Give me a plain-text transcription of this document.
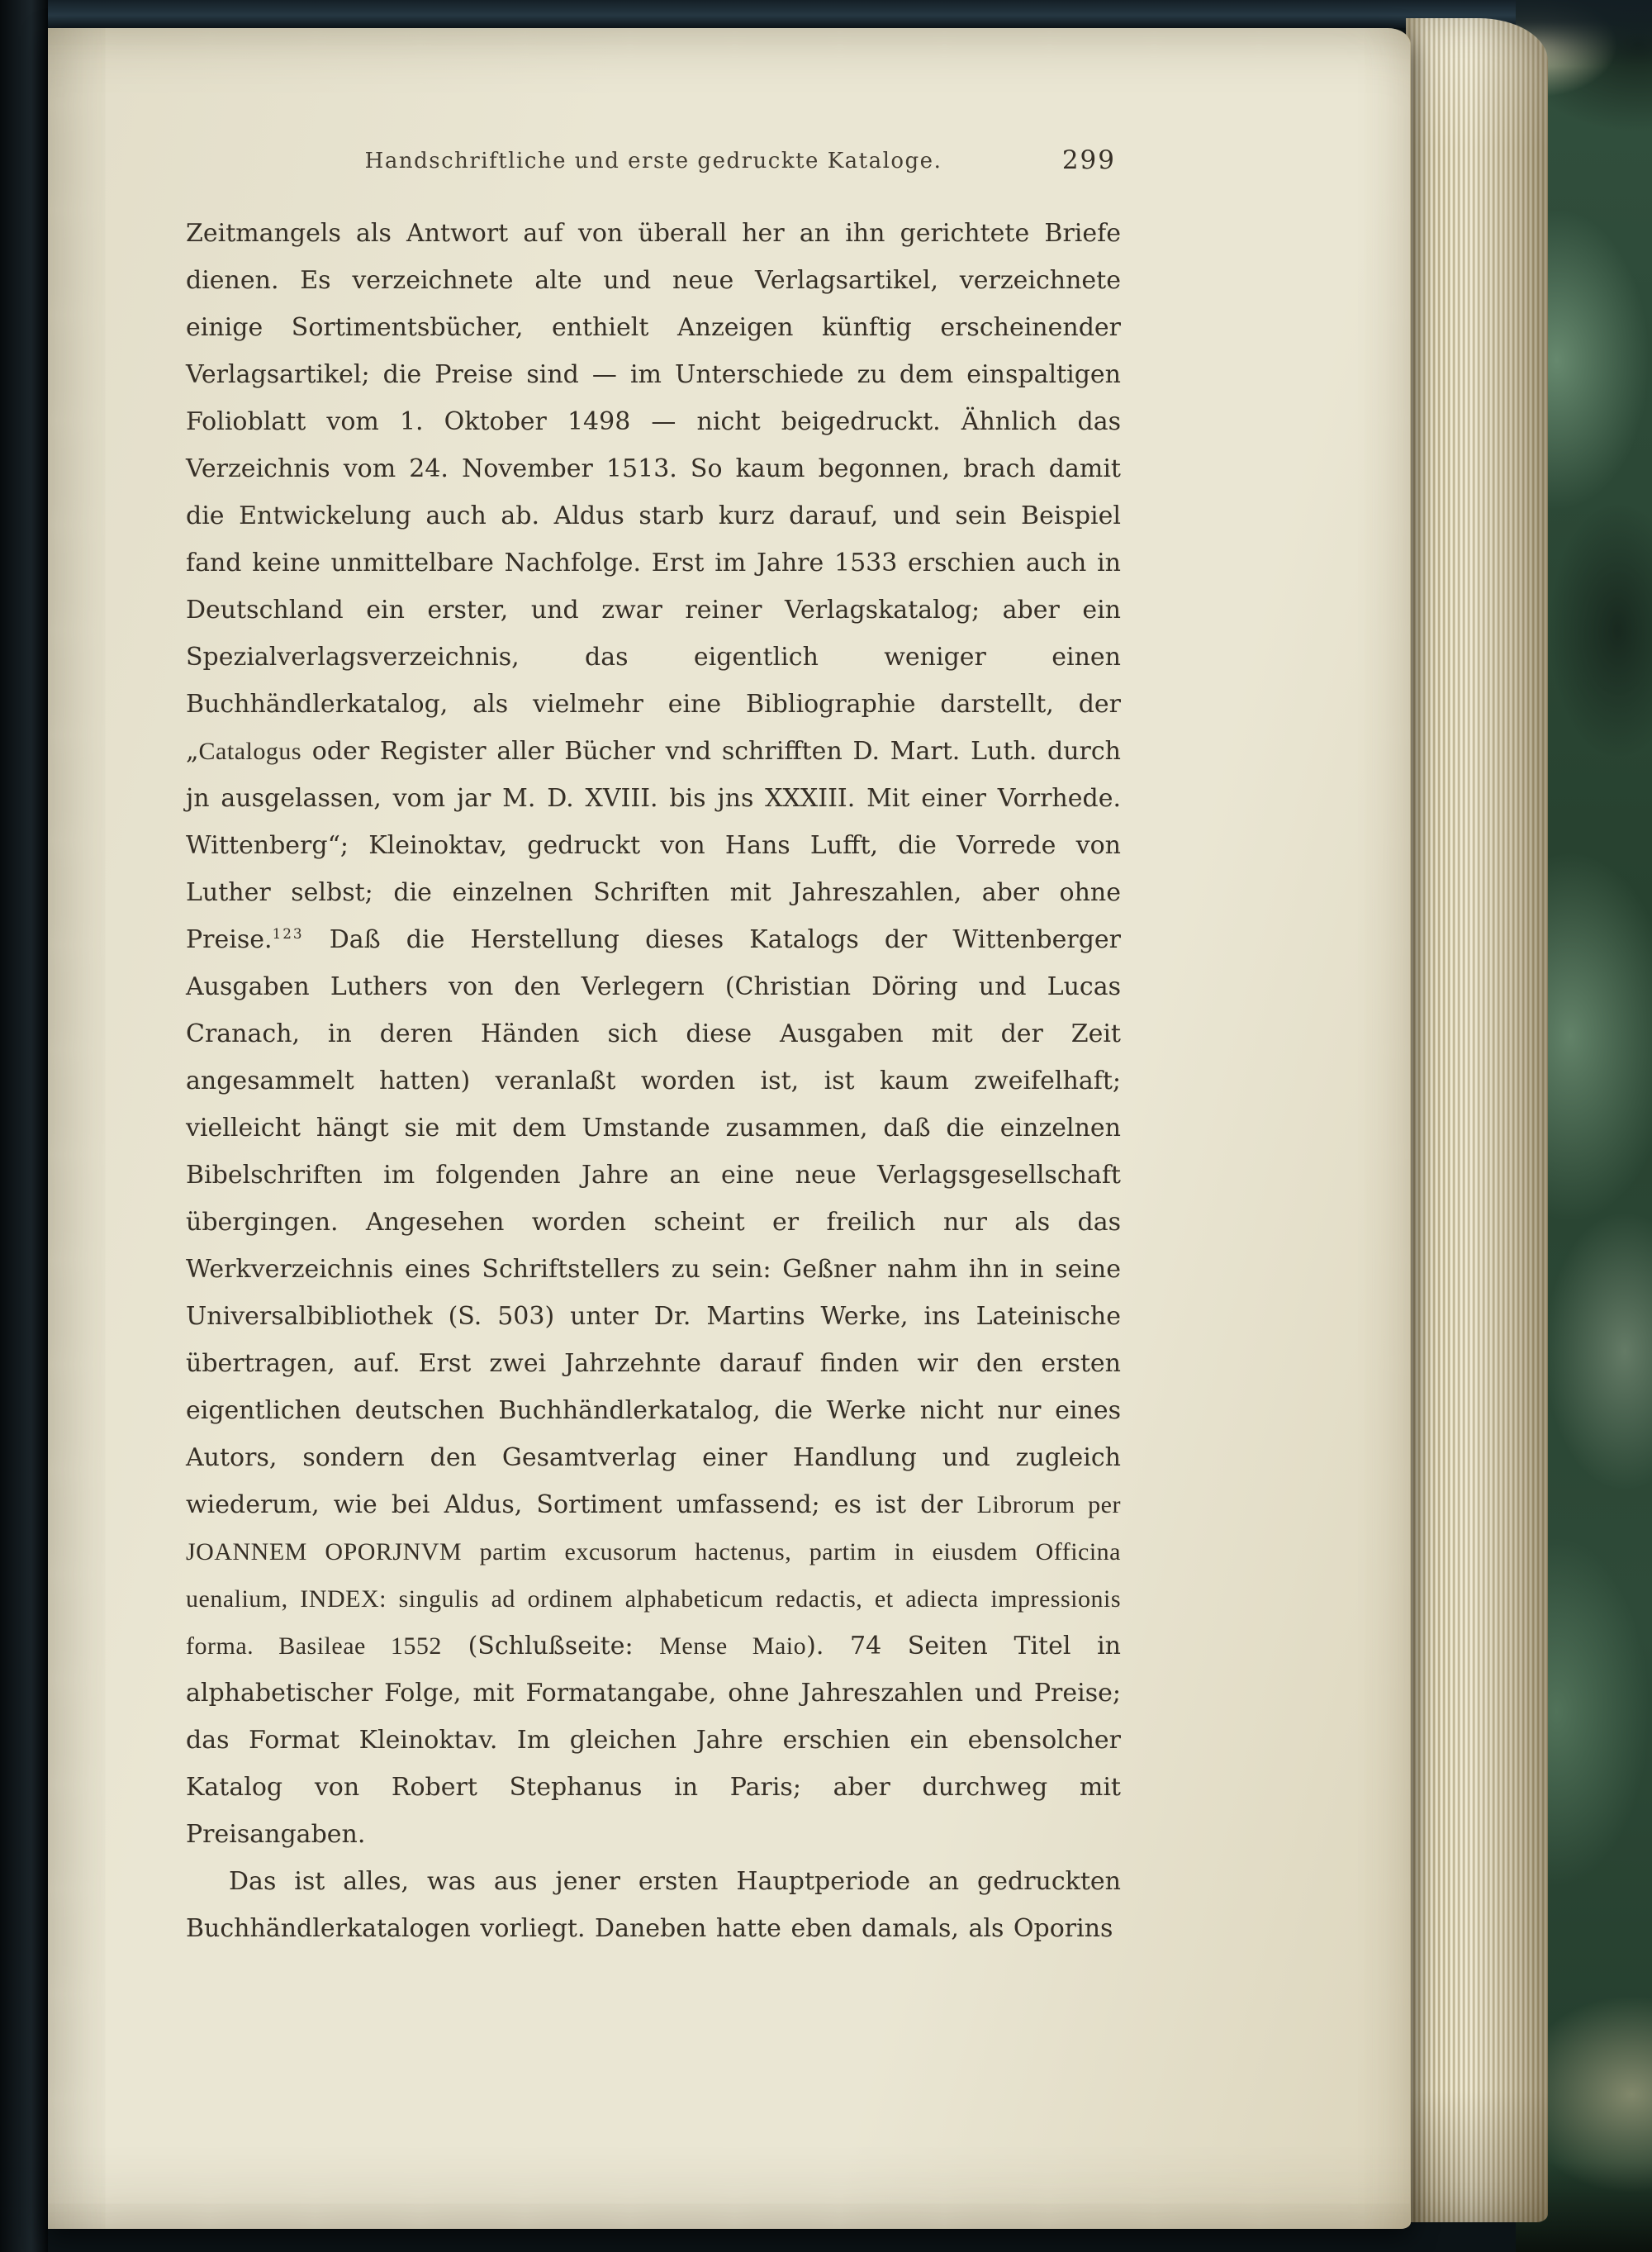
Handschriftliche und erste gedruckte Kataloge.	299

Zeitmangels als Antwort auf von überall her an ihn gerichtete Briefe dienen. Es verzeichnete alte und neue Verlagsartikel, verzeichnete einige Sortimentsbücher, enthielt Anzeigen künftig erscheinender Verlagsartikel; die Preise sind — im Unterschiede zu dem einspaltigen Folioblatt vom 1. Oktober 1498 — nicht beigedruckt. Ähnlich das Verzeichnis vom 24. November 1513. So kaum begonnen, brach damit die Entwickelung auch ab. Aldus starb kurz darauf, und sein Beispiel fand keine unmittelbare Nachfolge. Erst im Jahre 1533 erschien auch in Deutschland ein erster, und zwar reiner Verlagskatalog; aber ein Spezialverlagsverzeichnis, das eigentlich weniger einen Buchhändlerkatalog, als vielmehr eine Bibliographie darstellt, der „Catalogus oder Register aller Bücher vnd schrifften D. Mart. Luth. durch jn ausgelassen, vom jar M. D. XVIII. bis jns XXXIII. Mit einer Vorrhede. Wittenberg“; Kleinoktav, gedruckt von Hans Lufft, die Vorrede von Luther selbst; die einzelnen Schriften mit Jahreszahlen, aber ohne Preise.$^{123}$ Daß die Herstellung dieses Katalogs der Wittenberger Ausgaben Luthers von den Verlegern (Christian Döring und Lucas Cranach, in deren Händen sich diese Ausgaben mit der Zeit angesammelt hatten) veranlaßt worden ist, ist kaum zweifelhaft; vielleicht hängt sie mit dem Umstande zusammen, daß die einzelnen Bibelschriften im folgenden Jahre an eine neue Verlagsgesellschaft übergingen. Angesehen worden scheint er freilich nur als das Werkverzeichnis eines Schriftstellers zu sein: Geßner nahm ihn in seine Universalbibliothek (S. 503) unter Dr. Martins Werke, ins Lateinische übertragen, auf. Erst zwei Jahrzehnte darauf finden wir den ersten eigentlichen deutschen Buchhändlerkatalog, die Werke nicht nur eines Autors, sondern den Gesamtverlag einer Handlung und zugleich wiederum, wie bei Aldus, Sortiment umfassend; es ist der Librorum per JOANNEM OPORJNVM partim excusorum hactenus, partim in eiusdem Officina uenalium, INDEX: singulis ad ordinem alphabeticum redactis, et adiecta impressionis forma. Basileae 1552 (Schlußseite: Mense Maio). 74 Seiten Titel in alphabetischer Folge, mit Formatangabe, ohne Jahreszahlen und Preise; das Format Kleinoktav. Im gleichen Jahre erschien ein ebensolcher Katalog von Robert Stephanus in Paris; aber durchweg mit Preisangaben.

Das ist alles, was aus jener ersten Hauptperiode an gedruckten Buchhändlerkatalogen vorliegt. Daneben hatte eben damals, als Oporins
